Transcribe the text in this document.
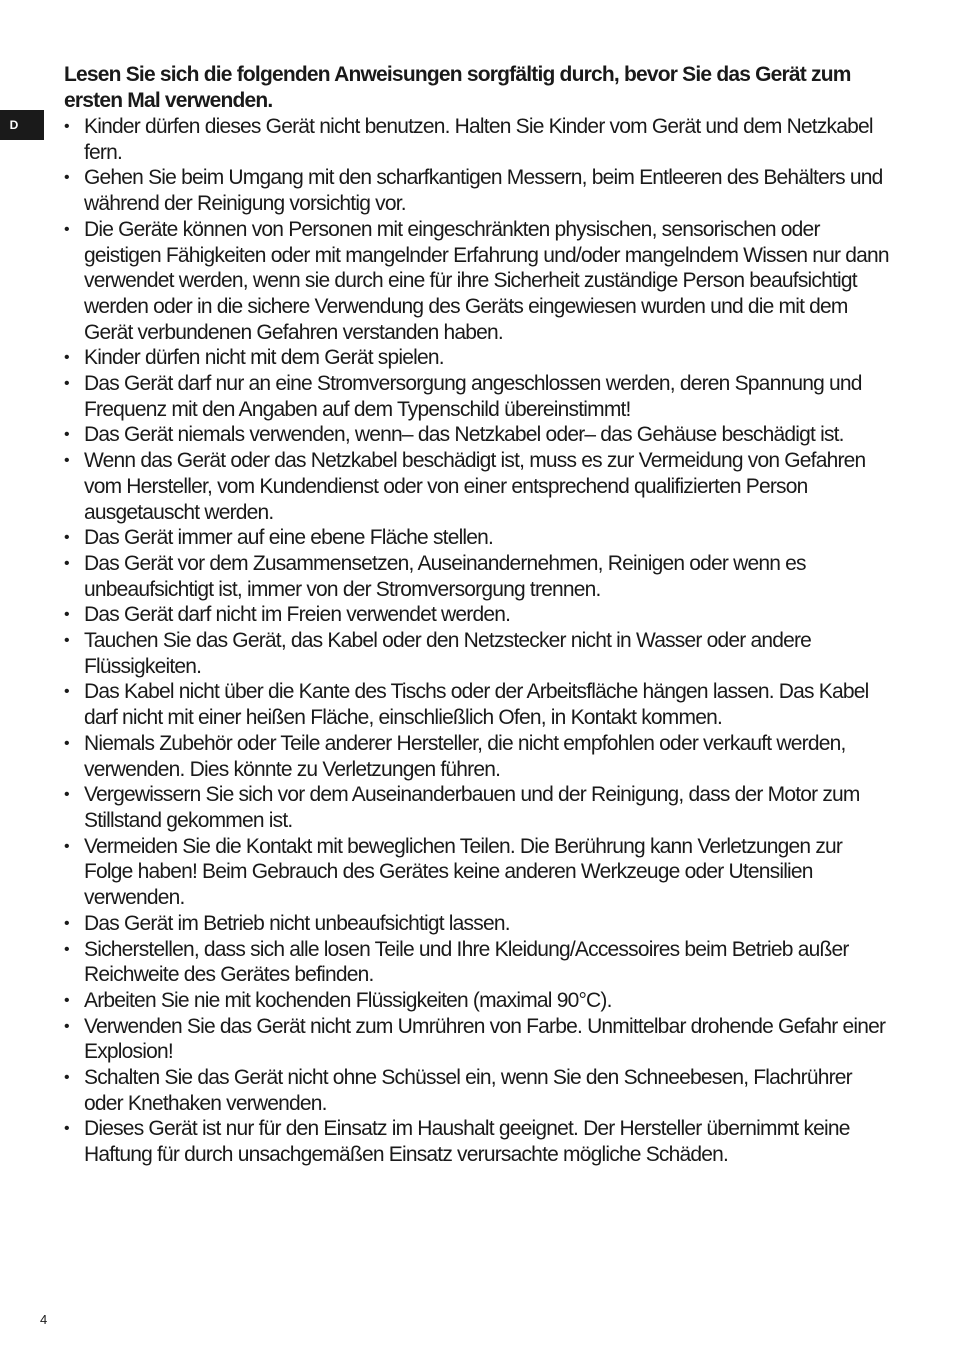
D

Lesen Sie sich die folgenden Anweisungen sorgfältig durch, bevor Sie das Gerät zum ersten Mal verwenden.

• Kinder dürfen dieses Gerät nicht benutzen. Halten Sie Kinder vom Gerät und dem Netzkabel fern.
• Gehen Sie beim Umgang mit den scharfkantigen Messern, beim Entleeren des Behälters und während der Reinigung vorsichtig vor.
• Die Geräte können von Personen mit eingeschränkten physischen, sensorischen oder geistigen Fähigkeiten oder mit mangelnder Erfahrung und/oder mangelndem Wissen nur dann verwendet werden, wenn sie durch eine für ihre Sicherheit zuständige Person beaufsichtigt werden oder in die sichere Verwendung des Geräts eingewiesen wurden und die mit dem Gerät verbundenen Gefahren verstanden haben.
• Kinder dürfen nicht mit dem Gerät spielen.
• Das Gerät darf nur an eine Stromversorgung angeschlossen werden, deren Spannung und Frequenz mit den Angaben auf dem Typenschild übereinstimmt!
• Das Gerät niemals verwenden, wenn– das Netzkabel oder– das Gehäuse beschädigt ist.
• Wenn das Gerät oder das Netzkabel beschädigt ist, muss es zur Vermeidung von Gefahren vom Hersteller, vom Kundendienst oder von einer entsprechend qualifizierten Person ausgetauscht werden.
• Das Gerät immer auf eine ebene Fläche stellen.
• Das Gerät vor dem Zusammensetzen, Auseinandernehmen, Reinigen oder wenn es unbeaufsichtigt ist, immer von der Stromversorgung trennen.
• Das Gerät darf nicht im Freien verwendet werden.
• Tauchen Sie das Gerät, das Kabel oder den Netzstecker nicht in Wasser oder andere Flüssigkeiten.
• Das Kabel nicht über die Kante des Tischs oder der Arbeitsfläche hängen lassen. Das Kabel darf nicht mit einer heißen Fläche, einschließlich Ofen, in Kontakt kommen.
• Niemals Zubehör oder Teile anderer Hersteller, die nicht empfohlen oder verkauft werden, verwenden. Dies könnte zu Verletzungen führen.
• Vergewissern Sie sich vor dem Auseinanderbauen und der Reinigung, dass der Motor zum Stillstand gekommen ist.
• Vermeiden Sie die Kontakt mit beweglichen Teilen. Die Berührung kann Verletzungen zur Folge haben! Beim Gebrauch des Gerätes keine anderen Werkzeuge oder Utensilien verwenden.
• Das Gerät im Betrieb nicht unbeaufsichtigt lassen.
• Sicherstellen, dass sich alle losen Teile und Ihre Kleidung/Accessoires beim Betrieb außer Reichweite des Gerätes befinden.
• Arbeiten Sie nie mit kochenden Flüssigkeiten (maximal 90°C).
• Verwenden Sie das Gerät nicht zum Umrühren von Farbe. Unmittelbar drohende Gefahr einer Explosion!
• Schalten Sie das Gerät nicht ohne Schüssel ein, wenn Sie den Schneebesen, Flachrührer oder Knethaken verwenden.
• Dieses Gerät ist nur für den Einsatz im Haushalt geeignet. Der Hersteller übernimmt keine Haftung für durch unsachgemäßen Einsatz verursachte mögliche Schäden.
4
